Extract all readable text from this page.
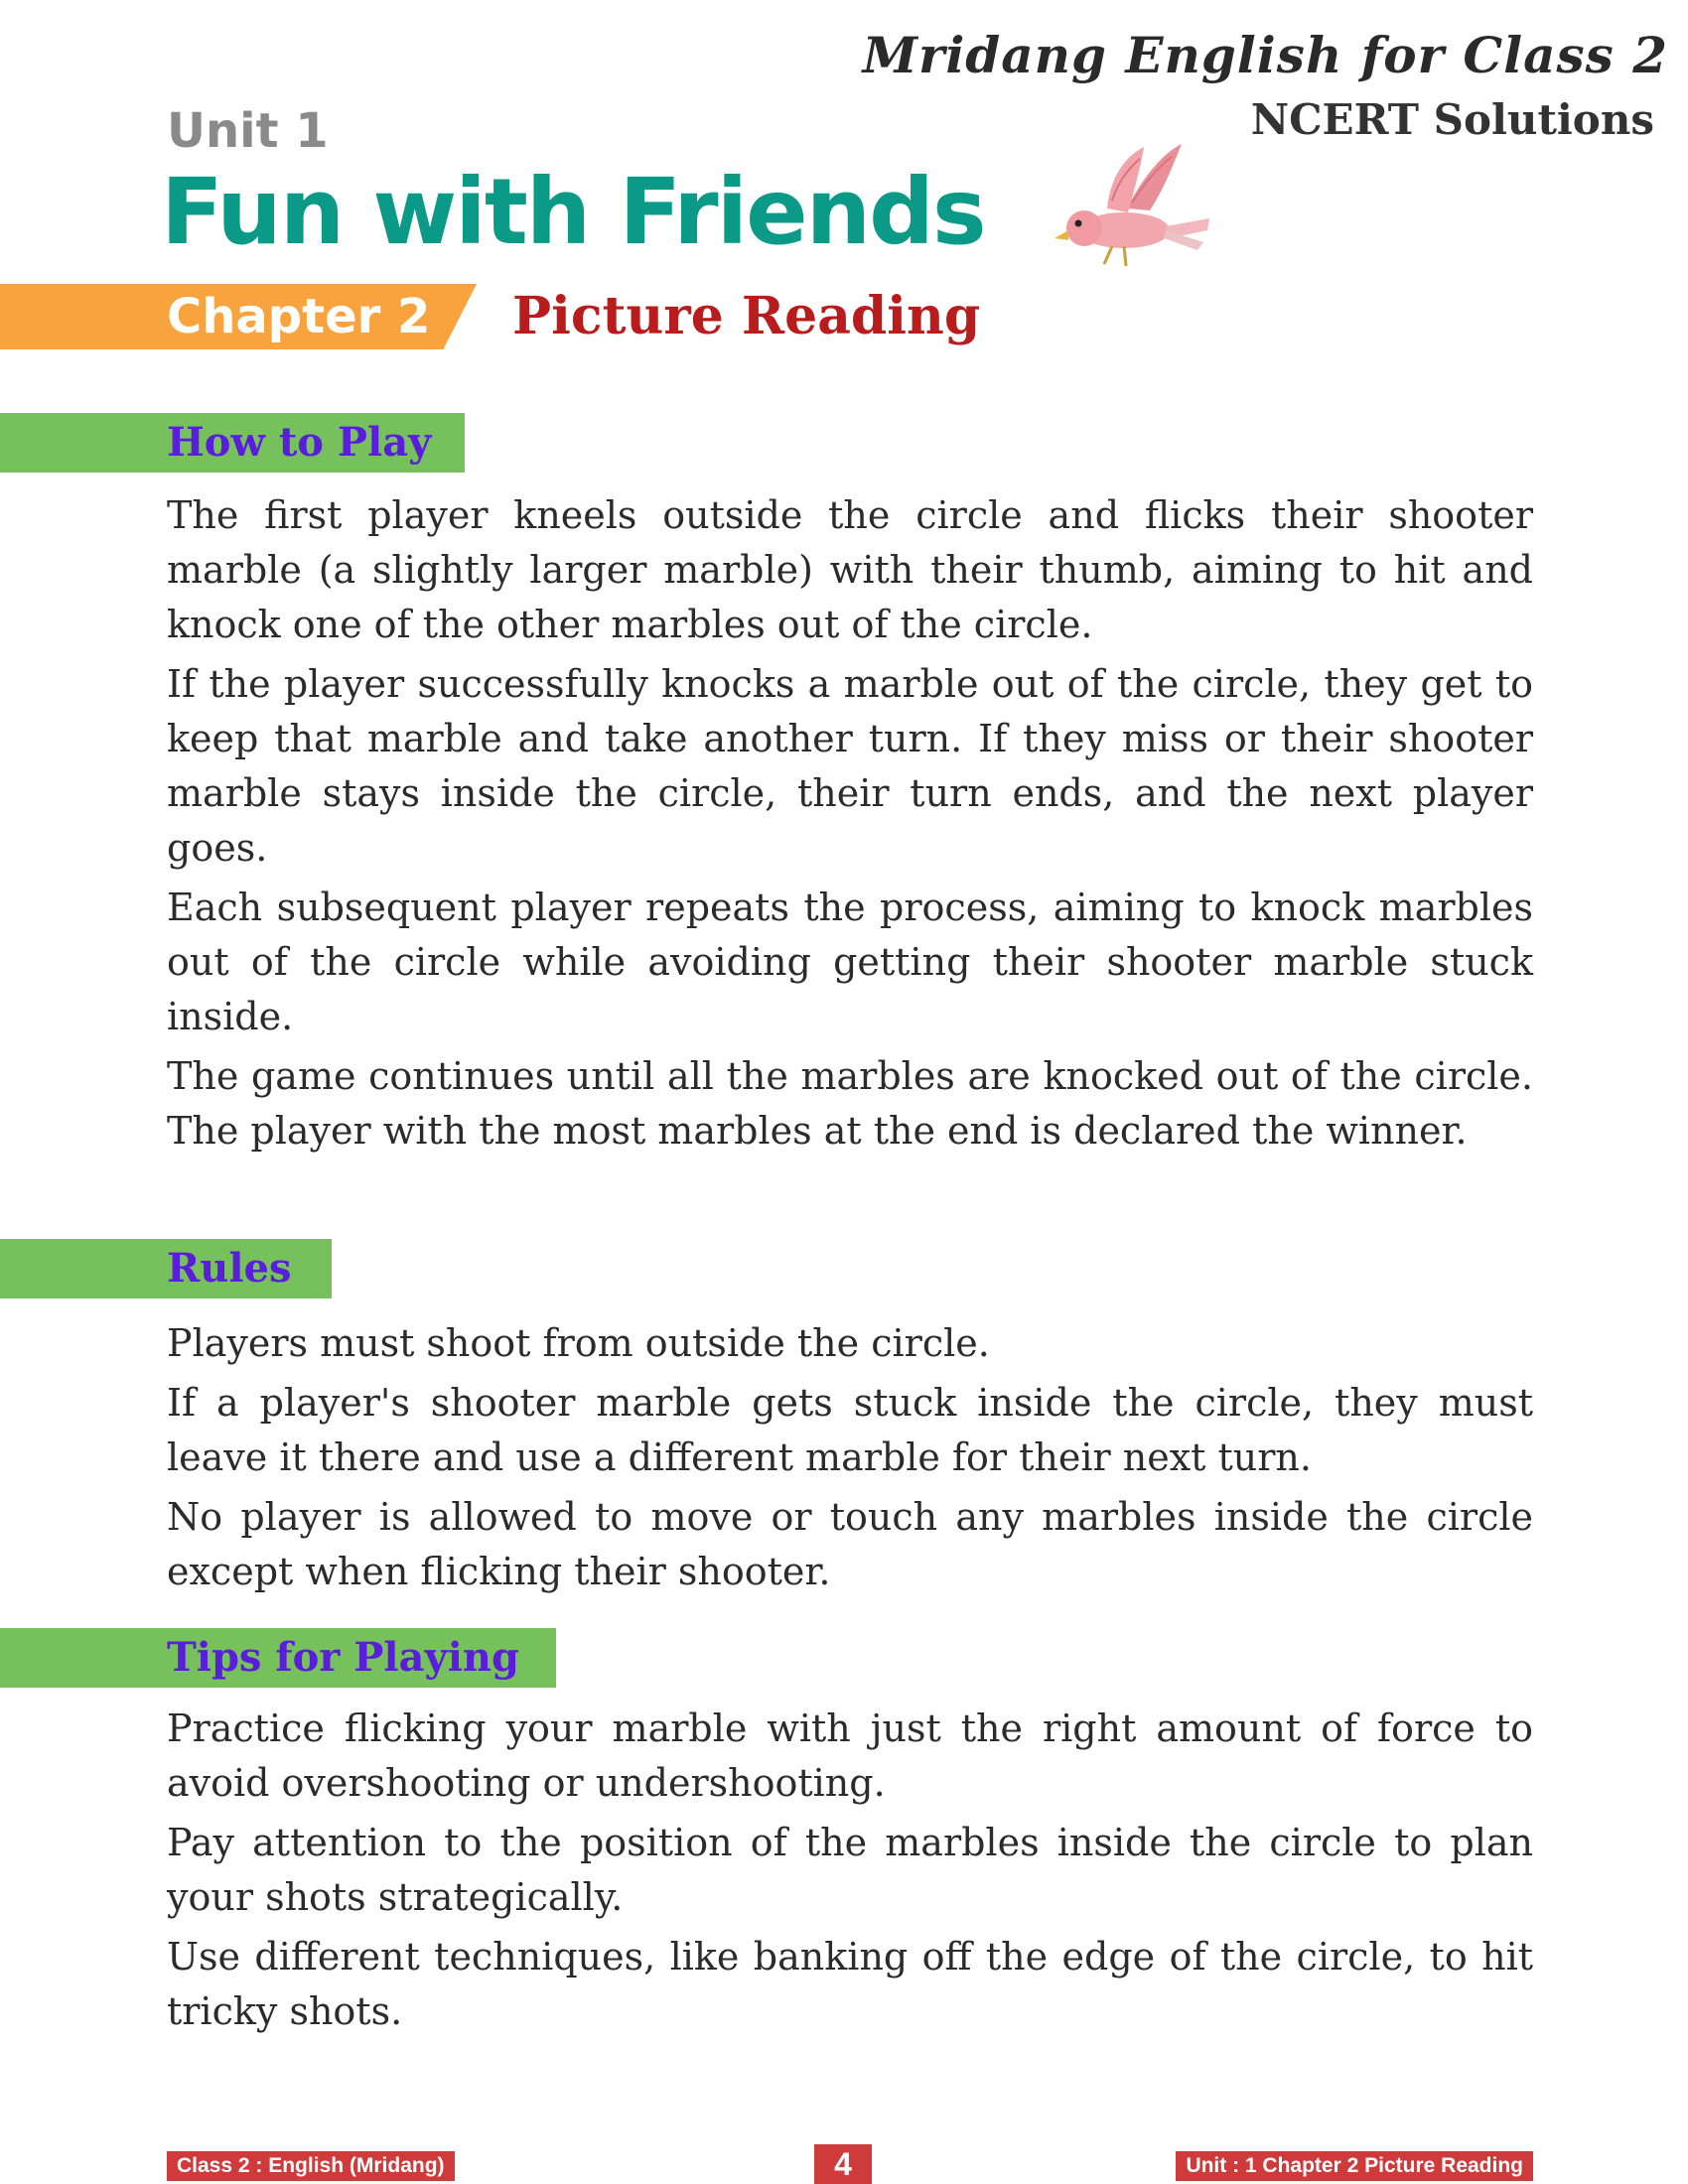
Mridang English for Class 2
NCERT Solutions
Unit 1
Fun with Friends
Chapter 2 Picture Reading
How to Play

The first player kneels outside the circle and flicks their shooter marble (a slightly larger marble) with their thumb, aiming to hit and knock one of the other marbles out of the circle.

If the player successfully knocks a marble out of the circle, they get to keep that marble and take another turn. If they miss or their shooter marble stays inside the circle, their turn ends, and the next player goes.

Each subsequent player repeats the process, aiming to knock marbles out of the circle while avoiding getting their shooter marble stuck inside.

The game continues until all the marbles are knocked out of the circle. The player with the most marbles at the end is declared the winner.

Rules

Players must shoot from outside the circle.

If a player's shooter marble gets stuck inside the circle, they must leave it there and use a different marble for their next turn.

No player is allowed to move or touch any marbles inside the circle except when flicking their shooter.

Tips for Playing

Practice flicking your marble with just the right amount of force to avoid overshooting or undershooting.

Pay attention to the position of the marbles inside the circle to plan your shots strategically.

Use different techniques, like banking off the edge of the circle, to hit tricky shots.

Class 2 : English (Mridang)	4	Unit : 1 Chapter 2 Picture Reading
